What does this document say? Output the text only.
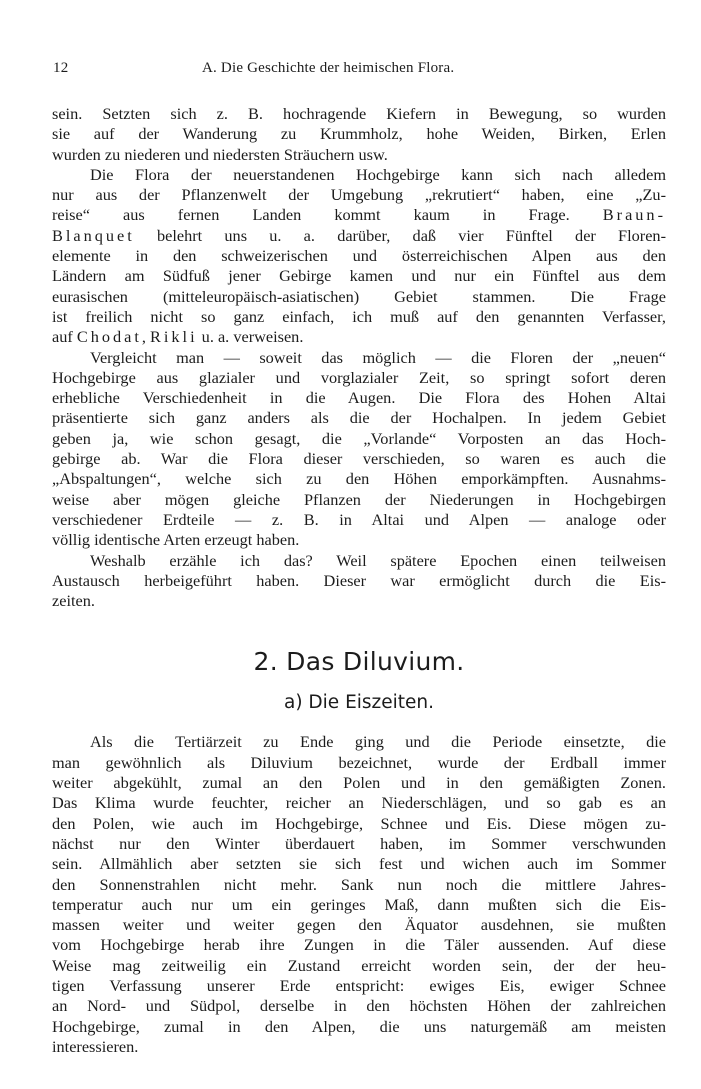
12	A. Die Geschichte der heimischen Flora.
sein. Setzten sich z. B. hochragende Kiefern in Bewegung, so wurden
sie auf der Wanderung zu Krummholz, hohe Weiden, Birken, Erlen
wurden zu niederen und niedersten Sträuchern usw.
Die Flora der neuerstandenen Hochgebirge kann sich nach alledem
nur aus der Pflanzenwelt der Umgebung „rekrutiert“ haben, eine „Zu-
reise“ aus fernen Landen kommt kaum in Frage. Braun-
Blanquet belehrt uns u. a. darüber, daß vier Fünftel der Floren-
elemente in den schweizerischen und österreichischen Alpen aus den
Ländern am Südfuß jener Gebirge kamen und nur ein Fünftel aus dem
eurasischen (mitteleuropäisch-asiatischen) Gebiet stammen. Die Frage
ist freilich nicht so ganz einfach, ich muß auf den genannten Verfasser,
auf Chodat, Rikli u. a. verweisen.
Vergleicht man — soweit das möglich — die Floren der „neuen“
Hochgebirge aus glazialer und vorglazialer Zeit, so springt sofort deren
erhebliche Verschiedenheit in die Augen. Die Flora des Hohen Altai
präsentierte sich ganz anders als die der Hochalpen. In jedem Gebiet
geben ja, wie schon gesagt, die „Vorlande“ Vorposten an das Hoch-
gebirge ab. War die Flora dieser verschieden, so waren es auch die
„Abspaltungen“, welche sich zu den Höhen emporkämpften. Ausnahms-
weise aber mögen gleiche Pflanzen der Niederungen in Hochgebirgen
verschiedener Erdteile — z. B. in Altai und Alpen — analoge oder
völlig identische Arten erzeugt haben.
Weshalb erzähle ich das? Weil spätere Epochen einen teilweisen
Austausch herbeigeführt haben. Dieser war ermöglicht durch die Eis-
zeiten.
2. Das Diluvium.
a) Die Eiszeiten.
Als die Tertiärzeit zu Ende ging und die Periode einsetzte, die
man gewöhnlich als Diluvium bezeichnet, wurde der Erdball immer
weiter abgekühlt, zumal an den Polen und in den gemäßigten Zonen.
Das Klima wurde feuchter, reicher an Niederschlägen, und so gab es an
den Polen, wie auch im Hochgebirge, Schnee und Eis. Diese mögen zu-
nächst nur den Winter überdauert haben, im Sommer verschwunden
sein. Allmählich aber setzten sie sich fest und wichen auch im Sommer
den Sonnenstrahlen nicht mehr. Sank nun noch die mittlere Jahres-
temperatur auch nur um ein geringes Maß, dann mußten sich die Eis-
massen weiter und weiter gegen den Äquator ausdehnen, sie mußten
vom Hochgebirge herab ihre Zungen in die Täler aussenden. Auf diese
Weise mag zeitweilig ein Zustand erreicht worden sein, der der heu-
tigen Verfassung unserer Erde entspricht: ewiges Eis, ewiger Schnee
an Nord- und Südpol, derselbe in den höchsten Höhen der zahlreichen
Hochgebirge, zumal in den Alpen, die uns naturgemäß am meisten
interessieren.
